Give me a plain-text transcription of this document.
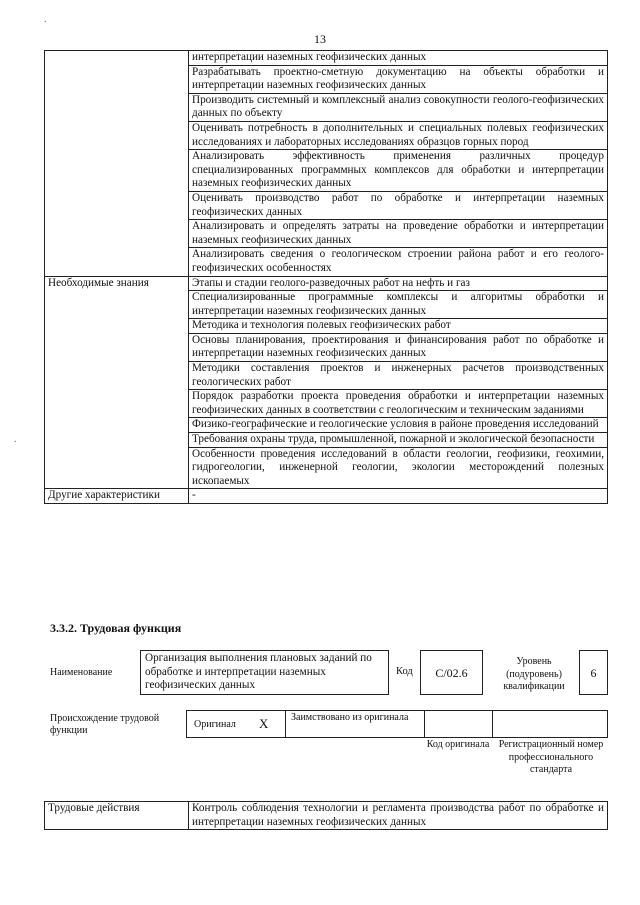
13
.
.
	интерпретации наземных геофизических данных
	Разрабатывать проектно-сметную документацию на объекты обработки и интерпретации наземных геофизических данных
	Производить системный и комплексный анализ совокупности геолого-геофизических данных по объекту
	Оценивать потребность в дополнительных и специальных полевых геофизических исследованиях и лабораторных исследованиях образцов горных пород
	Анализировать эффективность применения различных процедур специализированных программных комплексов для обработки и интерпретации наземных геофизических данных
	Оценивать производство работ по обработке и интерпретации наземных геофизических данных
	Анализировать и определять затраты на проведение обработки и интерпретации наземных геофизических данных
	Анализировать сведения о геологическом строении района работ и его геолого-геофизических особенностях
Необходимые знания	Этапы и стадии геолого-разведочных работ на нефть и газ
	Специализированные программные комплексы и алгоритмы обработки и интерпретации наземных геофизических данных
	Методика и технология полевых геофизических работ
	Основы планирования, проектирования и финансирования работ по обработке и интерпретации наземных геофизических данных
	Методики составления проектов и инженерных расчетов производственных геологических работ
	Порядок разработки проекта проведения обработки и интерпретации наземных геофизических данных в соответствии с геологическим и техническим заданиями
	Физико-географические и геологические условия в районе проведения исследований
	Требования охраны труда, промышленной, пожарной и экологической безопасности
	Особенности проведения исследований в области геологии, геофизики, геохимии, гидрогеологии, инженерной геологии, экологии месторождений полезных ископаемых
Другие характеристики	-
3.3.2. Трудовая функция
Наименование
Организация выполнения плановых заданий по обработке и интерпретации наземных геофизических данных
Код	C/02.6
Уровень (подуровень) квалификации
6
Происхождение трудовой функции
Оригинал X Заимствовано из оригинала
Код оригинала Регистрационный номер профессионального стандарта
Трудовые действия	Контроль соблюдения технологии и регламента производства работ по обработке и интерпретации наземных геофизических данных
